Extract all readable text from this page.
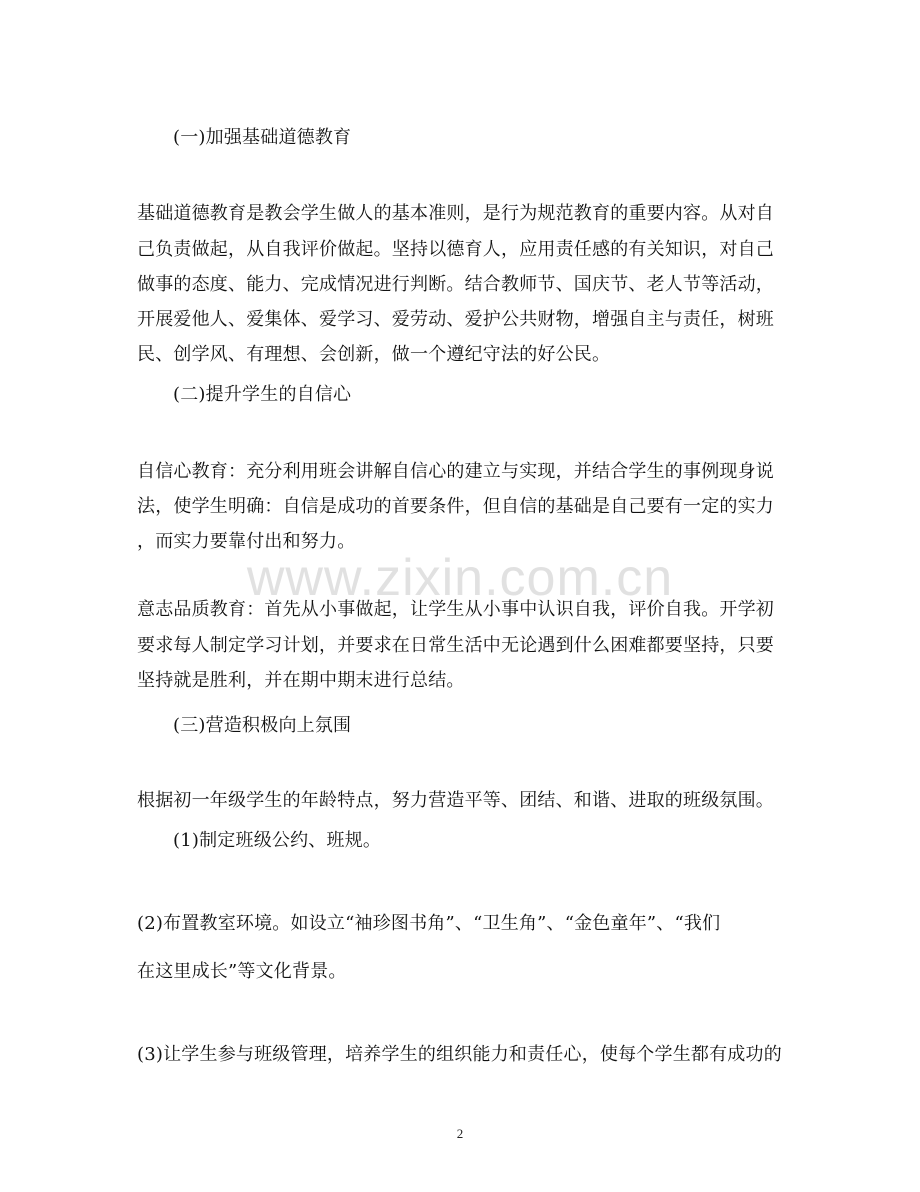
(一)加强基础道德教育
基础道德教育是教会学生做人的基本准则，是行为规范教育的重要内容。从对自
己负责做起，从自我评价做起。坚持以德育人，应用责任感的有关知识，对自己
做事的态度、能力、完成情况进行判断。结合教师节、国庆节、老人节等活动，
开展爱他人、爱集体、爱学习、爱劳动、爱护公共财物，增强自主与责任，树班
民、创学风、有理想、会创新，做一个遵纪守法的好公民。
(二)提升学生的自信心
自信心教育：充分利用班会讲解自信心的建立与实现，并结合学生的事例现身说
法，使学生明确：自信是成功的首要条件，但自信的基础是自己要有一定的实力
，而实力要靠付出和努力。
意志品质教育：首先从小事做起，让学生从小事中认识自我，评价自我。开学初
要求每人制定学习计划，并要求在日常生活中无论遇到什么困难都要坚持，只要
坚持就是胜利，并在期中期末进行总结。
(三)营造积极向上氛围
根据初一年级学生的年龄特点，努力营造平等、团结、和谐、进取的班级氛围。
(1)制定班级公约、班规。
(2)布置教室环境。如设立“袖珍图书角”、“卫生角”、“金色童年”、“我们
在这里成长”等文化背景。
(3)让学生参与班级管理，培养学生的组织能力和责任心，使每个学生都有成功的
www.zixin.com.cn
2
